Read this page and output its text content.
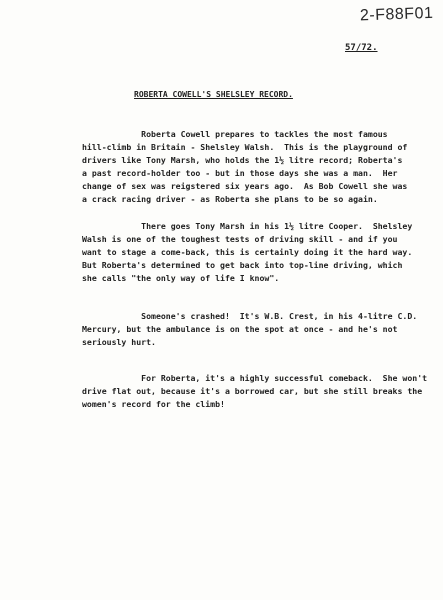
2-F88F01
57/72.
ROBERTA COWELL'S SHELSLEY RECORD.
Roberta Cowell prepares to tackles the most famous
hill-climb in Britain - Shelsley Walsh.  This is the playground of
drivers like Tony Marsh, who holds the 1½ litre record; Roberta's
a past record-holder too - but in those days she was a man.  Her
change of sex was reigstered six years ago.  As Bob Cowell she was
a crack racing driver - as Roberta she plans to be so again.
There goes Tony Marsh in his 1½ litre Cooper.  Shelsley
Walsh is one of the toughest tests of driving skill - and if you
want to stage a come-back, this is certainly doing it the hard way.
But Roberta's determined to get back into top-line driving, which
she calls "the only way of life I know".
Someone's crashed!  It's W.B. Crest, in his 4-litre C.D.
Mercury, but the ambulance is on the spot at once - and he's not
seriously hurt.
For Roberta, it's a highly successful comeback.  She won't
drive flat out, because it's a borrowed car, but she still breaks the
women's record for the climb!
